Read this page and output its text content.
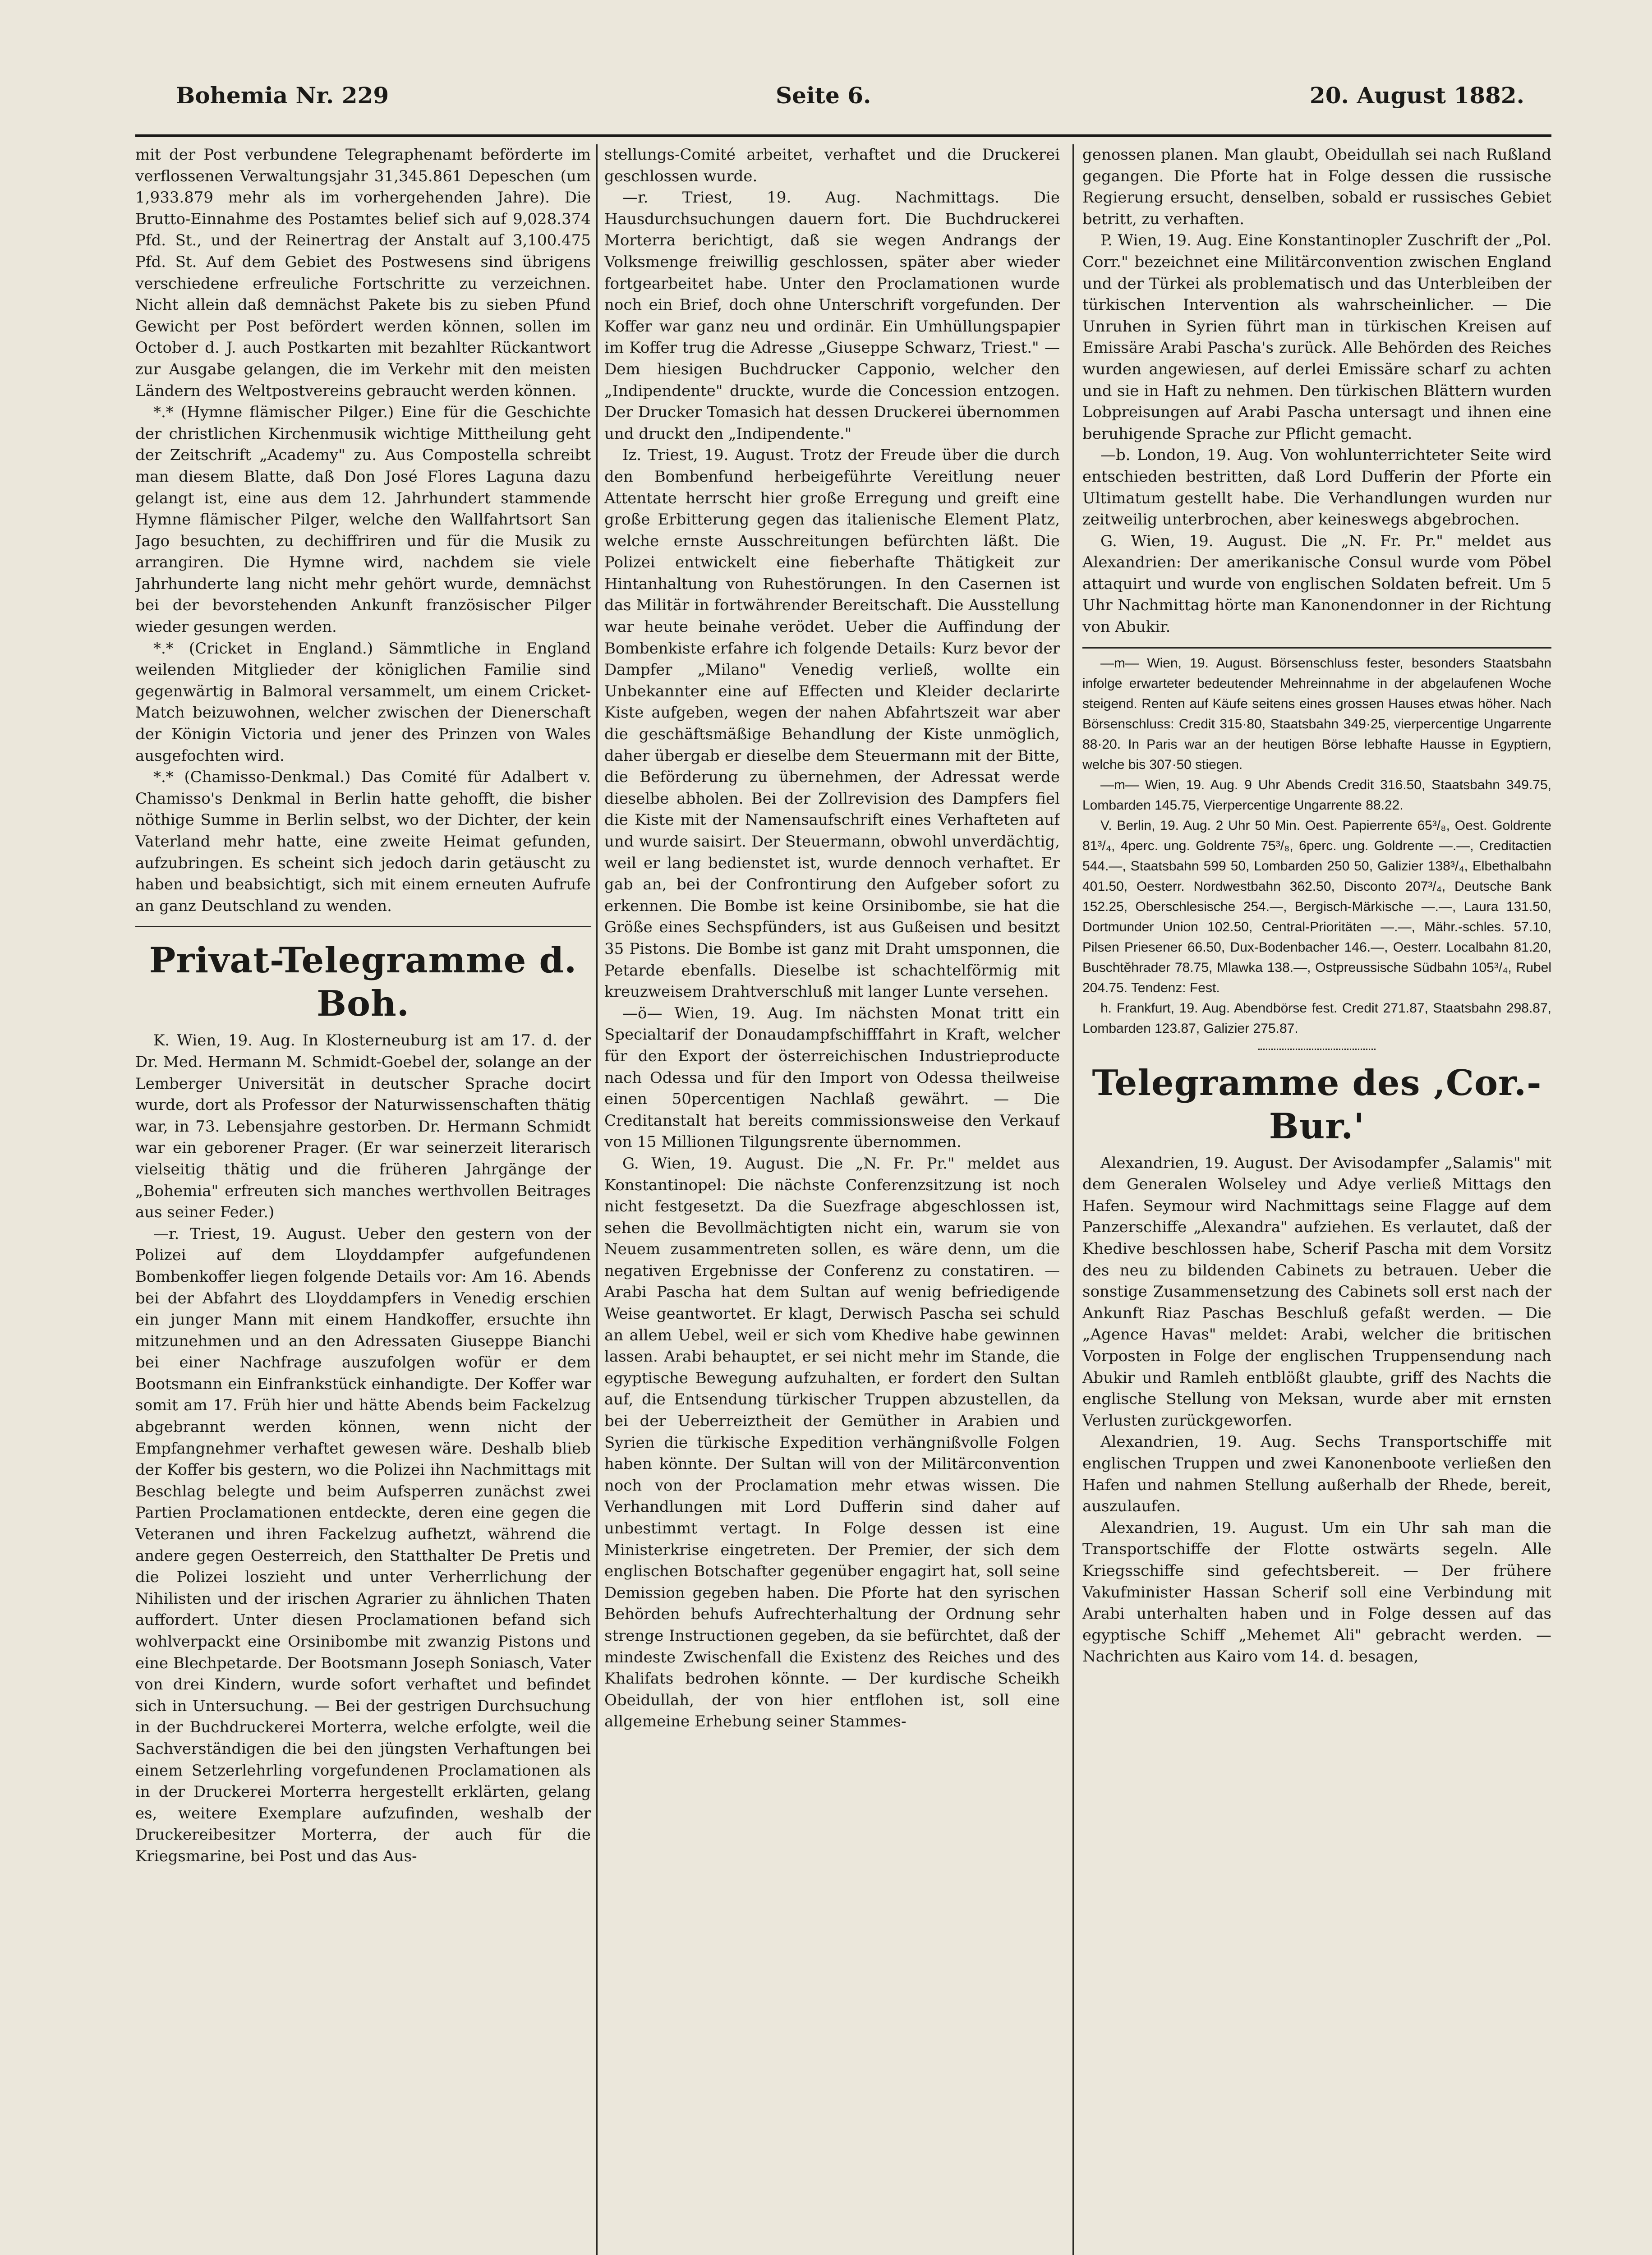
Bohemia Nr. 229	Seite 6.	20. August 1882.

mit der Post verbundene Telegraphenamt beförderte im verflossenen Verwaltungsjahr 31,345.861 Depeschen (um 1,933.879 mehr als im vorhergehenden Jahre). Die Brutto-Einnahme des Postamtes belief sich auf 9,028.374 Pfd. St., und der Reinertrag der Anstalt auf 3,100.475 Pfd. St. Auf dem Gebiet des Postwesens sind übrigens verschiedene erfreuliche Fortschritte zu verzeichnen. Nicht allein daß demnächst Pakete bis zu sieben Pfund Gewicht per Post befördert werden können, sollen im October d. J. auch Postkarten mit bezahlter Rückantwort zur Ausgabe gelangen, die im Verkehr mit den meisten Ländern des Weltpostvereins gebraucht werden können.

*.* (Hymne flämischer Pilger.) Eine für die Geschichte der christlichen Kirchenmusik wichtige Mittheilung geht der Zeitschrift „Academy" zu. Aus Compostella schreibt man diesem Blatte, daß Don José Flores Laguna dazu gelangt ist, eine aus dem 12. Jahrhundert stammende Hymne flämischer Pilger, welche den Wallfahrtsort San Jago besuchten, zu dechiffriren und für die Musik zu arrangiren. Die Hymne wird, nachdem sie viele Jahrhunderte lang nicht mehr gehört wurde, demnächst bei der bevorstehenden Ankunft französischer Pilger wieder gesungen werden.

*.* (Cricket in England.) Sämmtliche in England weilenden Mitglieder der königlichen Familie sind gegenwärtig in Balmoral versammelt, um einem Cricket-Match beizuwohnen, welcher zwischen der Dienerschaft der Königin Victoria und jener des Prinzen von Wales ausgefochten wird.

*.* (Chamisso-Denkmal.) Das Comité für Adalbert v. Chamisso's Denkmal in Berlin hatte gehofft, die bisher nöthige Summe in Berlin selbst, wo der Dichter, der kein Vaterland mehr hatte, eine zweite Heimat gefunden, aufzubringen. Es scheint sich jedoch darin getäuscht zu haben und beabsichtigt, sich mit einem erneuten Aufrufe an ganz Deutschland zu wenden.

Privat-Telegramme d. Boh.

K. Wien, 19. Aug. In Klosterneuburg ist am 17. d. der Dr. Med. Hermann M. Schmidt-Goebel der, solange an der Lemberger Universität in deutscher Sprache docirt wurde, dort als Professor der Naturwissenschaften thätig war, in 73. Lebensjahre gestorben. Dr. Hermann Schmidt war ein geborener Prager. (Er war seinerzeit literarisch vielseitig thätig und die früheren Jahrgänge der „Bohemia" erfreuten sich manches werthvollen Beitrages aus seiner Feder.)

—r. Triest, 19. August. Ueber den gestern von der Polizei auf dem Lloyddampfer aufgefundenen Bombenkoffer liegen folgende Details vor: Am 16. Abends bei der Abfahrt des Lloyddampfers in Venedig erschien ein junger Mann mit einem Handkoffer, ersuchte ihn mitzunehmen und an den Adressaten Giuseppe Bianchi bei einer Nachfrage auszufolgen wofür er dem Bootsmann ein Einfrankstück einhandigte. Der Koffer war somit am 17. Früh hier und hätte Abends beim Fackelzug abgebrannt werden können, wenn nicht der Empfangnehmer verhaftet gewesen wäre. Deshalb blieb der Koffer bis gestern, wo die Polizei ihn Nachmittags mit Beschlag belegte und beim Aufsperren zunächst zwei Partien Proclamationen entdeckte, deren eine gegen die Veteranen und ihren Fackelzug aufhetzt, während die andere gegen Oesterreich, den Statthalter De Pretis und die Polizei loszieht und unter Verherrlichung der Nihilisten und der irischen Agrarier zu ähnlichen Thaten auffordert. Unter diesen Proclamationen befand sich wohlverpackt eine Orsinibombe mit zwanzig Pistons und eine Blechpetarde. Der Bootsmann Joseph Soniasch, Vater von drei Kindern, wurde sofort verhaftet und befindet sich in Untersuchung. — Bei der gestrigen Durchsuchung in der Buchdruckerei Morterra, welche erfolgte, weil die Sachverständigen die bei den jüngsten Verhaftungen bei einem Setzerlehrling vorgefundenen Proclamationen als in der Druckerei Morterra hergestellt erklärten, gelang es, weitere Exemplare aufzufinden, weshalb der Druckereibesitzer Morterra, der auch für die Kriegsmarine, bei Post und das Aus-

stellungs-Comité arbeitet, verhaftet und die Druckerei geschlossen wurde.

—r. Triest, 19. Aug. Nachmittags. Die Hausdurchsuchungen dauern fort. Die Buchdruckerei Morterra berichtigt, daß sie wegen Andrangs der Volksmenge freiwillig geschlossen, später aber wieder fortgearbeitet habe. Unter den Proclamationen wurde noch ein Brief, doch ohne Unterschrift vorgefunden. Der Koffer war ganz neu und ordinär. Ein Umhüllungspapier im Koffer trug die Adresse „Giuseppe Schwarz, Triest." — Dem hiesigen Buchdrucker Capponio, welcher den „Indipendente" druckte, wurde die Concession entzogen. Der Drucker Tomasich hat dessen Druckerei übernommen und druckt den „Indipendente."

Iz. Triest, 19. August. Trotz der Freude über die durch den Bombenfund herbeigeführte Vereitlung neuer Attentate herrscht hier große Erregung und greift eine große Erbitterung gegen das italienische Element Platz, welche ernste Ausschreitungen befürchten läßt. Die Polizei entwickelt eine fieberhafte Thätigkeit zur Hintanhaltung von Ruhestörungen. In den Casernen ist das Militär in fortwährender Bereitschaft. Die Ausstellung war heute beinahe verödet. Ueber die Auffindung der Bombenkiste erfahre ich folgende Details: Kurz bevor der Dampfer „Milano" Venedig verließ, wollte ein Unbekannter eine auf Effecten und Kleider declarirte Kiste aufgeben, wegen der nahen Abfahrtszeit war aber die geschäftsmäßige Behandlung der Kiste unmöglich, daher übergab er dieselbe dem Steuermann mit der Bitte, die Beförderung zu übernehmen, der Adressat werde dieselbe abholen. Bei der Zollrevision des Dampfers fiel die Kiste mit der Namensaufschrift eines Verhafteten auf und wurde saisirt. Der Steuermann, obwohl unverdächtig, weil er lang bedienstet ist, wurde dennoch verhaftet. Er gab an, bei der Confrontirung den Aufgeber sofort zu erkennen. Die Bombe ist keine Orsinibombe, sie hat die Größe eines Sechspfünders, ist aus Gußeisen und besitzt 35 Pistons. Die Bombe ist ganz mit Draht umsponnen, die Petarde ebenfalls. Dieselbe ist schachtelförmig mit kreuzweisem Drahtverschluß mit langer Lunte versehen.

—ö— Wien, 19. Aug. Im nächsten Monat tritt ein Specialtarif der Donaudampfschifffahrt in Kraft, welcher für den Export der österreichischen Industrieproducte nach Odessa und für den Import von Odessa theilweise einen 50percentigen Nachlaß gewährt. — Die Creditanstalt hat bereits commissionsweise den Verkauf von 15 Millionen Tilgungsrente übernommen.

G. Wien, 19. August. Die „N. Fr. Pr." meldet aus Konstantinopel: Die nächste Conferenzsitzung ist noch nicht festgesetzt. Da die Suezfrage abgeschlossen ist, sehen die Bevollmächtigten nicht ein, warum sie von Neuem zusammentreten sollen, es wäre denn, um die negativen Ergebnisse der Conferenz zu constatiren. — Arabi Pascha hat dem Sultan auf wenig befriedigende Weise geantwortet. Er klagt, Derwisch Pascha sei schuld an allem Uebel, weil er sich vom Khedive habe gewinnen lassen. Arabi behauptet, er sei nicht mehr im Stande, die egyptische Bewegung aufzuhalten, er fordert den Sultan auf, die Entsendung türkischer Truppen abzustellen, da bei der Ueberreiztheit der Gemüther in Arabien und Syrien die türkische Expedition verhängnißvolle Folgen haben könnte. Der Sultan will von der Militärconvention noch von der Proclamation mehr etwas wissen. Die Verhandlungen mit Lord Dufferin sind daher auf unbestimmt vertagt. In Folge dessen ist eine Ministerkrise eingetreten. Der Premier, der sich dem englischen Botschafter gegenüber engagirt hat, soll seine Demission gegeben haben. Die Pforte hat den syrischen Behörden behufs Aufrechterhaltung der Ordnung sehr strenge Instructionen gegeben, da sie befürchtet, daß der mindeste Zwischenfall die Existenz des Reiches und des Khalifats bedrohen könnte. — Der kurdische Scheikh Obeidullah, der von hier entflohen ist, soll eine allgemeine Erhebung seiner Stammes-

genossen planen. Man glaubt, Obeidullah sei nach Rußland gegangen. Die Pforte hat in Folge dessen die russische Regierung ersucht, denselben, sobald er russisches Gebiet betritt, zu verhaften.

P. Wien, 19. Aug. Eine Konstantinopler Zuschrift der „Pol. Corr." bezeichnet eine Militärconvention zwischen England und der Türkei als problematisch und das Unterbleiben der türkischen Intervention als wahrscheinlicher. — Die Unruhen in Syrien führt man in türkischen Kreisen auf Emissäre Arabi Pascha's zurück. Alle Behörden des Reiches wurden angewiesen, auf derlei Emissäre scharf zu achten und sie in Haft zu nehmen. Den türkischen Blättern wurden Lobpreisungen auf Arabi Pascha untersagt und ihnen eine beruhigende Sprache zur Pflicht gemacht.

—b. London, 19. Aug. Von wohlunterrichteter Seite wird entschieden bestritten, daß Lord Dufferin der Pforte ein Ultimatum gestellt habe. Die Verhandlungen wurden nur zeitweilig unterbrochen, aber keineswegs abgebrochen.

G. Wien, 19. August. Die „N. Fr. Pr." meldet aus Alexandrien: Der amerikanische Consul wurde vom Pöbel attaquirt und wurde von englischen Soldaten befreit. Um 5 Uhr Nachmittag hörte man Kanonendonner in der Richtung von Abukir.

—m— Wien, 19. August. Börsenschluss fester, besonders Staatsbahn infolge erwarteter bedeutender Mehreinnahme in der abgelaufenen Woche steigend. Renten auf Käufe seitens eines grossen Hauses etwas höher. Nach Börsenschluss: Credit 315·80, Staatsbahn 349·25, vierpercentige Ungarrente 88·20. In Paris war an der heutigen Börse lebhafte Hausse in Egyptiern, welche bis 307·50 stiegen.

—m— Wien, 19. Aug. 9 Uhr Abends Credit 316.50, Staatsbahn 349.75, Lombarden 145.75, Vierpercentige Ungarrente 88.22.

V. Berlin, 19. Aug. 2 Uhr 50 Min. Oest. Papierrente 65³/₈, Oest. Goldrente 81³/₄, 4perc. ung. Goldrente 75³/₈, 6perc. ung. Goldrente —.—, Creditactien 544.—, Staatsbahn 599 50, Lombarden 250 50, Galizier 138³/₄, Elbethalbahn 401.50, Oesterr. Nordwestbahn 362.50, Disconto 207³/₄, Deutsche Bank 152.25, Oberschlesische 254.—, Bergisch-Märkische —.—, Laura 131.50, Dortmunder Union 102.50, Central-Prioritäten —.—, Mähr.-schles. 57.10, Pilsen Priesener 66.50, Dux-Bodenbacher 146.—, Oesterr. Localbahn 81.20, Buschtěhrader 78.75, Mlawka 138.—, Ostpreussische Südbahn 105³/₄, Rubel 204.75. Tendenz: Fest.

h. Frankfurt, 19. Aug. Abendbörse fest. Credit 271.87, Staatsbahn 298.87, Lombarden 123.87, Galizier 275.87.

Telegramme des ‚Cor.-Bur.'

Alexandrien, 19. August. Der Avisodampfer „Salamis" mit dem Generalen Wolseley und Adye verließ Mittags den Hafen. Seymour wird Nachmittags seine Flagge auf dem Panzerschiffe „Alexandra" aufziehen. Es verlautet, daß der Khedive beschlossen habe, Scherif Pascha mit dem Vorsitz des neu zu bildenden Cabinets zu betrauen. Ueber die sonstige Zusammensetzung des Cabinets soll erst nach der Ankunft Riaz Paschas Beschluß gefaßt werden. — Die „Agence Havas" meldet: Arabi, welcher die britischen Vorposten in Folge der englischen Truppensendung nach Abukir und Ramleh entblößt glaubte, griff des Nachts die englische Stellung von Meksan, wurde aber mit ernsten Verlusten zurückgeworfen.

Alexandrien, 19. Aug. Sechs Transportschiffe mit englischen Truppen und zwei Kanonenboote verließen den Hafen und nahmen Stellung außerhalb der Rhede, bereit, auszulaufen.

Alexandrien, 19. August. Um ein Uhr sah man die Transportschiffe der Flotte ostwärts segeln. Alle Kriegsschiffe sind gefechtsbereit. — Der frühere Vakufminister Hassan Scherif soll eine Verbindung mit Arabi unterhalten haben und in Folge dessen auf das egyptische Schiff „Mehemet Ali" gebracht werden. — Nachrichten aus Kairo vom 14. d. besagen,
